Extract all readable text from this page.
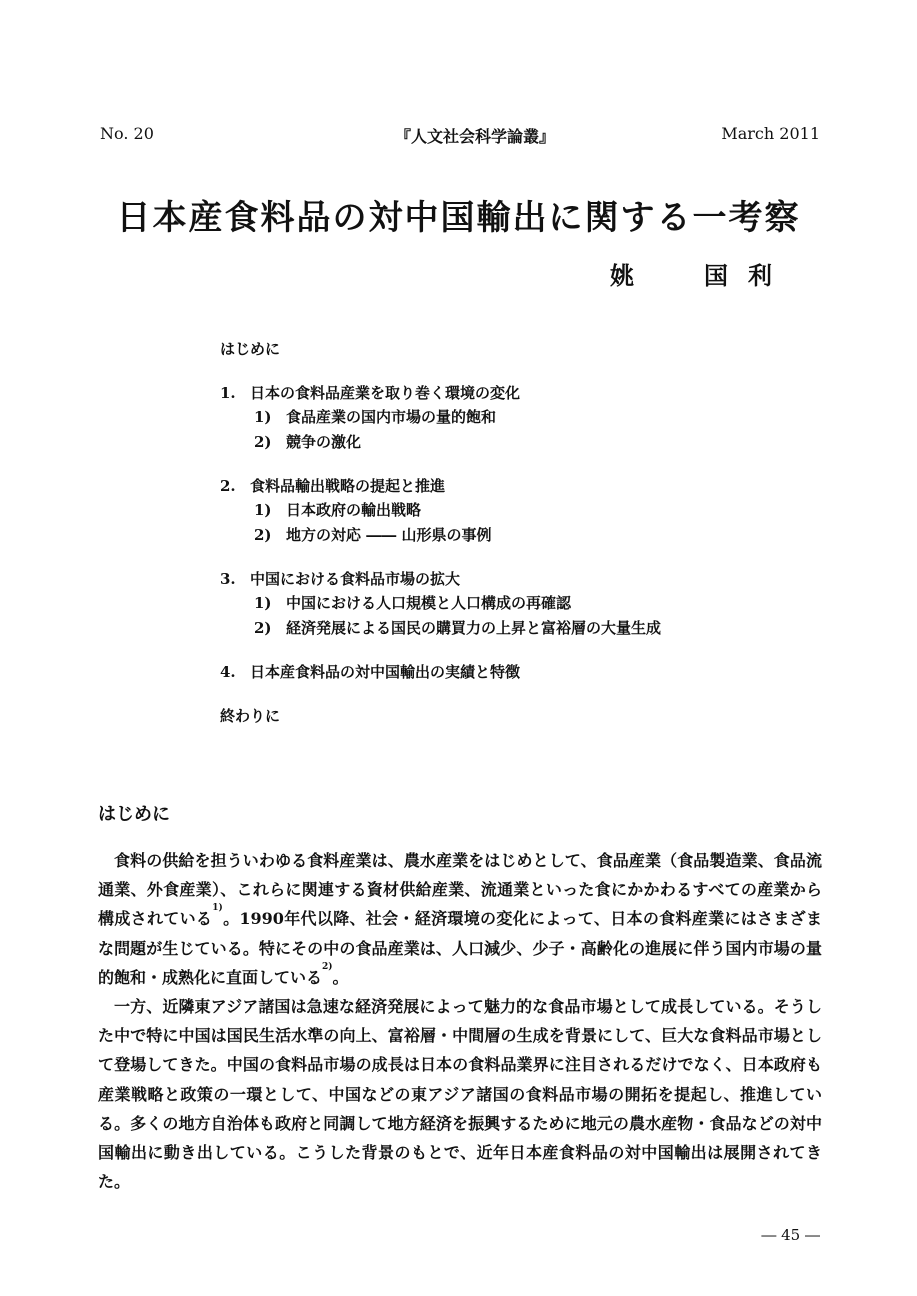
No. 20	『人文社会科学論叢』	March 2011
日本産食料品の対中国輸出に関する一考察
姚	国 利
はじめに
1. 日本の食料品産業を取り巻く環境の変化
1) 食品産業の国内市場の量的飽和
2) 競争の激化
2. 食料品輸出戦略の提起と推進
1) 日本政府の輸出戦略
2) 地方の対応 ―― 山形県の事例
3. 中国における食料品市場の拡大
1) 中国における人口規模と人口構成の再確認
2) 経済発展による国民の購買力の上昇と富裕層の大量生成
4. 日本産食料品の対中国輸出の実績と特徴
終わりに
はじめに

食料の供給を担ういわゆる食料産業は、農水産業をはじめとして、食品産業（食品製造業、食品流通業、外食産業）、これらに関連する資材供給産業、流通業といった食にかかわるすべての産業から構成されている$^{1)}$。1990年代以降、社会・経済環境の変化によって、日本の食料産業にはさまざまな問題が生じている。特にその中の食品産業は、人口減少、少子・高齢化の進展に伴う国内市場の量的飽和・成熟化に直面している$^{2)}$。

一方、近隣東アジア諸国は急速な経済発展によって魅力的な食品市場として成長している。そうした中で特に中国は国民生活水準の向上、富裕層・中間層の生成を背景にして、巨大な食料品市場として登場してきた。中国の食料品市場の成長は日本の食料品業界に注目されるだけでなく、日本政府も産業戦略と政策の一環として、中国などの東アジア諸国の食料品市場の開拓を提起し、推進している。多くの地方自治体も政府と同調して地方経済を振興するために地元の農水産物・食品などの対中国輸出に動き出している。こうした背景のもとで、近年日本産食料品の対中国輸出は展開されてきた。

― 45 ―
